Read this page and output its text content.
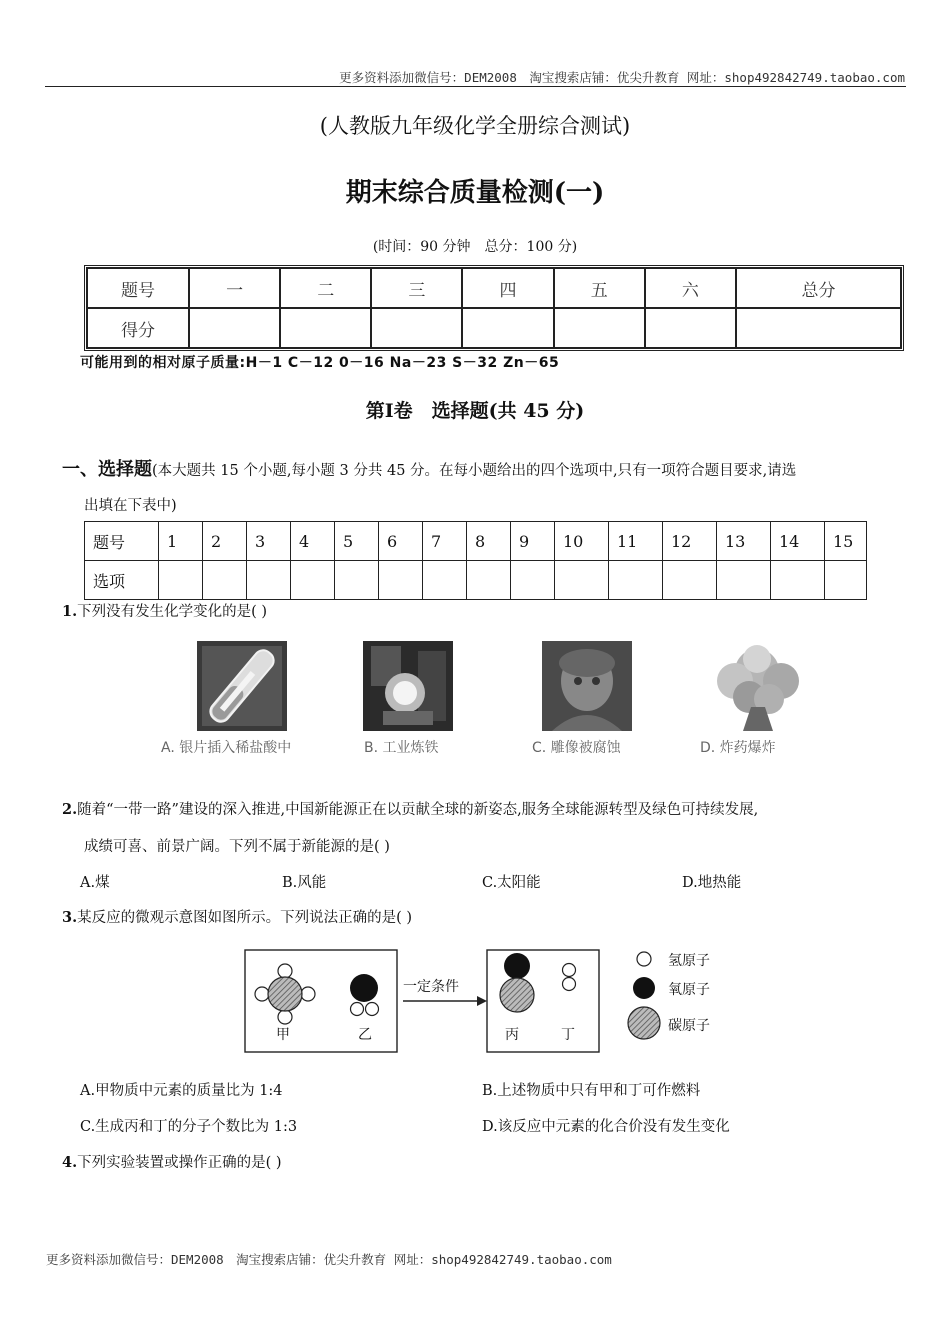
更多资料添加微信号：DEM2008　淘宝搜索店铺：优尖升教育 网址：shop492842749.taobao.com
(人教版九年级化学全册综合测试)
期末综合质量检测(一)
(时间：90 分钟　总分：100 分)
题号	一	二	三	四	五	六	总分
得分							
可能用到的相对原子质量:H－1 C－12 0－16 Na－23 S－32 Zn－65
第Ⅰ卷　选择题(共 45 分)
一、选择题(本大题共 15 个小题,每小题 3 分共 45 分。在每小题给出的四个选项中,只有一项符合题目要求,请选
出填在下表中)
题号	1	2	3	4	5	6	7	8	9	10	11	12	13	14	15
选项															
1.下列没有发生化学变化的是( )
A. 银片插入稀盐酸中	B. 工业炼铁	C. 雕像被腐蚀	D. 炸药爆炸
2.随着“一带一路”建设的深入推进,中国新能源正在以贡献全球的新姿态,服务全球能源转型及绿色可持续发展,
成绩可喜、前景广阔。下列不属于新能源的是( )
A.煤	B.风能	C.太阳能	D.地热能
3.某反应的微观示意图如图所示。下列说法正确的是( )
甲	乙
一定条件
丙	丁
氢原子
氧原子
碳原子
A.甲物质中元素的质量比为 1:4	B.上述物质中只有甲和丁可作燃料
C.生成丙和丁的分子个数比为 1:3	D.该反应中元素的化合价没有发生变化
4.下列实验装置或操作正确的是( )
更多资料添加微信号：DEM2008　淘宝搜索店铺：优尖升教育 网址：shop492842749.taobao.com
